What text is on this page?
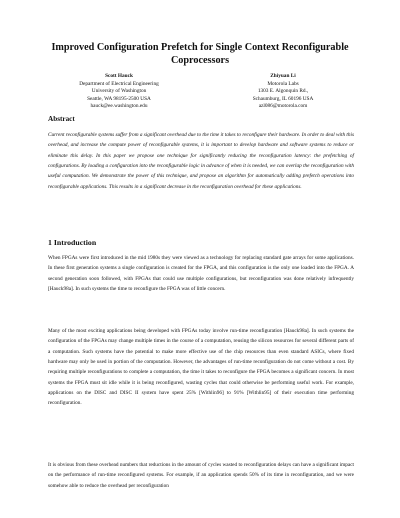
Improved Configuration Prefetch for Single Context Reconfigurable Coprocessors
Scott Hauck
Department of Electrical Engineering
University of Washington
Seattle, WA 98195-2500 USA
hauck@ee.washington.edu
Zhiyuan Li
Motorola Labs
1303 E. Algonquin Rd.,
Schaumburg, IL 60196 USA
azl086@motorola.com
Abstract
Current reconfigurable systems suffer from a significant overhead due to the time it takes to reconfigure their hardware. In order to deal with this overhead, and increase the compute power of reconfigurable systems, it is important to develop hardware and software systems to reduce or eliminate this delay. In this paper we propose one technique for significantly reducing the reconfiguration latency: the prefetching of configurations. By loading a configuration into the reconfigurable logic in advance of when it is needed, we can overlap the reconfiguration with useful computation. We demonstrate the power of this technique, and propose an algorithm for automatically adding prefetch operations into reconfigurable applications. This results in a significant decrease in the reconfiguration overhead for these applications.
1 Introduction
When FPGAs were first introduced in the mid 1980s they were viewed as a technology for replacing standard gate arrays for some applications. In these first generation systems a single configuration is created for the FPGA, and this configuration is the only one loaded into the FPGA. A second generation soon followed, with FPGAs that could use multiple configurations, but reconfiguration was done relatively infrequently [Hauck98a]. In such systems the time to reconfigure the FPGA was of little concern.
Many of the most exciting applications being developed with FPGAs today involve run-time reconfiguration [Hauck98a]. In such systems the configuration of the FPGAs may change multiple times in the course of a computation, reusing the silicon resources for several different parts of a computation. Such systems have the potential to make more effective use of the chip resources than even standard ASICs, where fixed hardware may only be used in portion of the computation. However, the advantages of run-time reconfiguration do not come without a cost. By requiring multiple reconfigurations to complete a computation, the time it takes to reconfigure the FPGA becomes a significant concern. In most systems the FPGA must sit idle while it is being reconfigured, wasting cycles that could otherwise be performing useful work. For example, applications on the DISC and DISC II system have spent 25% [Withlin96] to 91% [Withlin95] of their execution time performing reconfiguration.
It is obvious from these overhead numbers that reductions in the amount of cycles wasted to reconfiguration delays can have a significant impact on the performance of run-time reconfigured systems. For example, if an application spends 50% of its time in reconfiguration, and we were somehow able to reduce the overhead per reconfiguration
